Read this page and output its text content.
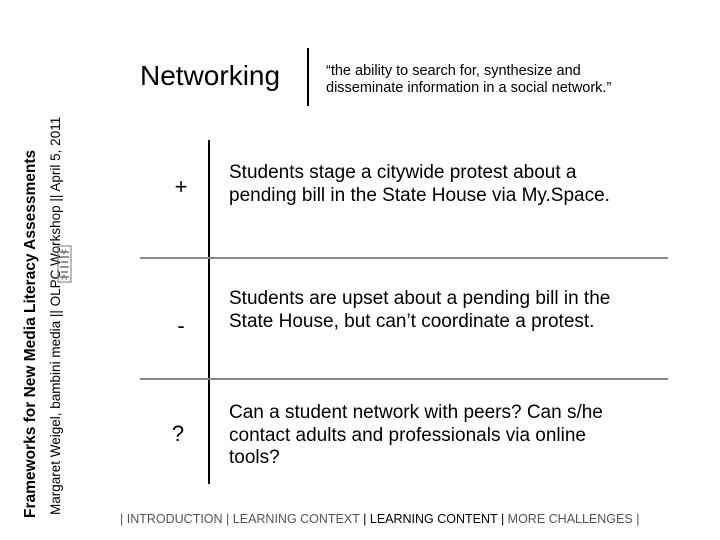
Frameworks for New Media Literacy Assessments Margaret Weigel, bambini media || OLPC Workshop || April 5, 2011
Networking	“the ability to search for, synthesize and disseminate information in a social network.”
+
Students stage a citywide protest about a pending bill in the State House via My.Space.
-
Students are upset about a pending bill in the State House, but can’t coordinate a protest.
?
Can a student network with peers? Can s/he contact adults and professionals via online tools?
| INTRODUCTION | LEARNING CONTEXT | LEARNING CONTENT | MORE CHALLENGES |
